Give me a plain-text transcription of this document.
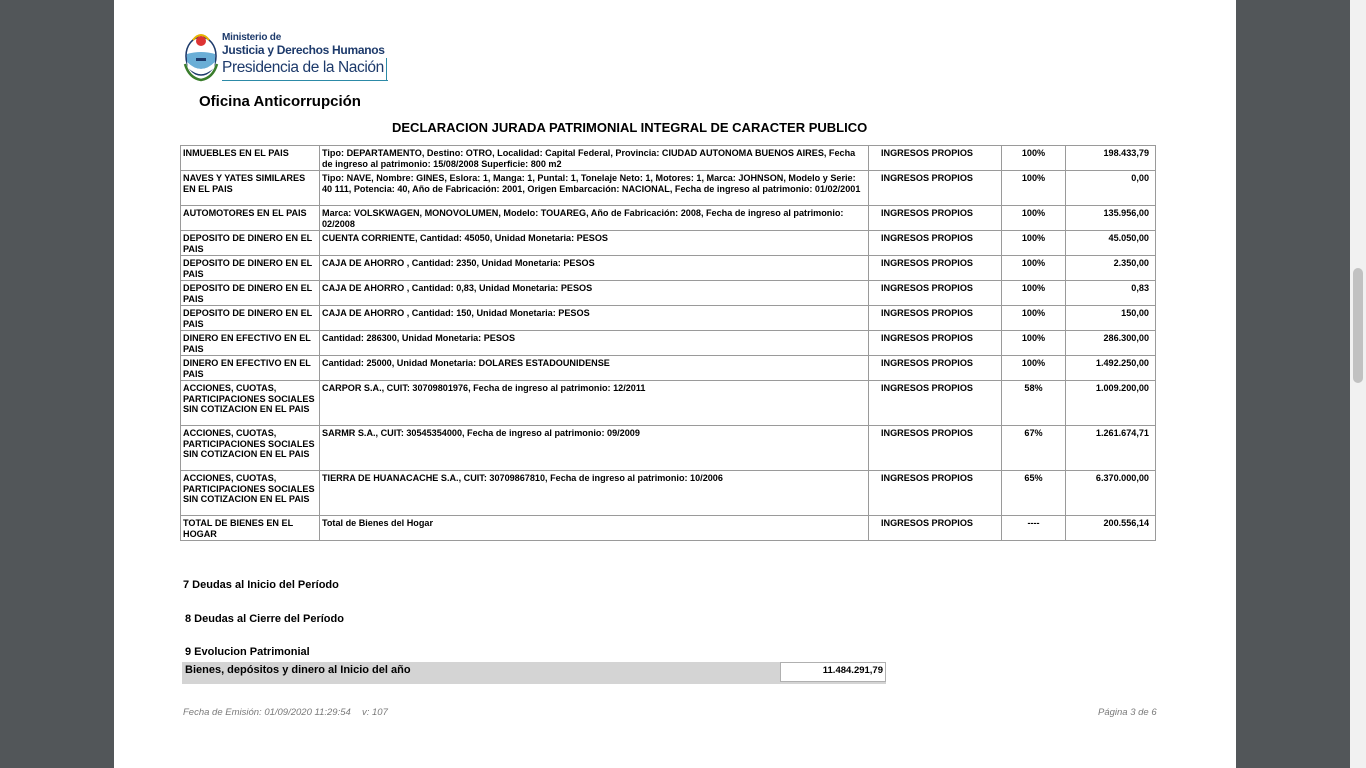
Ministerio de
Justicia y Derechos Humanos
Presidencia de la Nación
Oficina Anticorrupción
DECLARACION JURADA PATRIMONIAL INTEGRAL DE CARACTER PUBLICO
INMUEBLES EN EL PAIS	Tipo: DEPARTAMENTO, Destino: OTRO, Localidad: Capital Federal, Provincia: CIUDAD AUTONOMA BUENOS AIRES, Fecha de ingreso al patrimonio: 15/08/2008 Superficie: 800 m2	INGRESOS PROPIOS	100%	198.433,79
NAVES Y YATES SIMILARES EN EL PAIS	Tipo: NAVE, Nombre: GINES, Eslora: 1, Manga: 1, Puntal: 1, Tonelaje Neto: 1, Motores: 1, Marca: JOHNSON, Modelo y Serie: 40 111, Potencia: 40, Año de Fabricación: 2001, Origen Embarcación: NACIONAL, Fecha de ingreso al patrimonio: 01/02/2001	INGRESOS PROPIOS	100%	0,00
AUTOMOTORES EN EL PAIS	Marca: VOLSKWAGEN, MONOVOLUMEN, Modelo: TOUAREG, Año de Fabricación: 2008, Fecha de ingreso al patrimonio: 02/2008	INGRESOS PROPIOS	100%	135.956,00
DEPOSITO DE DINERO EN EL PAIS	CUENTA CORRIENTE, Cantidad: 45050, Unidad Monetaria: PESOS	INGRESOS PROPIOS	100%	45.050,00
DEPOSITO DE DINERO EN EL PAIS	CAJA DE AHORRO , Cantidad: 2350, Unidad Monetaria: PESOS	INGRESOS PROPIOS	100%	2.350,00
DEPOSITO DE DINERO EN EL PAIS	CAJA DE AHORRO , Cantidad: 0,83, Unidad Monetaria: PESOS	INGRESOS PROPIOS	100%	0,83
DEPOSITO DE DINERO EN EL PAIS	CAJA DE AHORRO , Cantidad: 150, Unidad Monetaria: PESOS	INGRESOS PROPIOS	100%	150,00
DINERO EN EFECTIVO EN EL PAIS	Cantidad: 286300, Unidad Monetaria: PESOS	INGRESOS PROPIOS	100%	286.300,00
DINERO EN EFECTIVO EN EL PAIS	Cantidad: 25000, Unidad Monetaria: DOLARES ESTADOUNIDENSE	INGRESOS PROPIOS	100%	1.492.250,00
ACCIONES, CUOTAS, PARTICIPACIONES SOCIALES SIN COTIZACION EN EL PAIS	CARPOR S.A., CUIT: 30709801976, Fecha de ingreso al patrimonio: 12/2011	INGRESOS PROPIOS	58%	1.009.200,00
ACCIONES, CUOTAS, PARTICIPACIONES SOCIALES SIN COTIZACION EN EL PAIS	SARMR S.A., CUIT: 30545354000, Fecha de ingreso al patrimonio: 09/2009	INGRESOS PROPIOS	67%	1.261.674,71
ACCIONES, CUOTAS, PARTICIPACIONES SOCIALES SIN COTIZACION EN EL PAIS	TIERRA DE HUANACACHE S.A., CUIT: 30709867810, Fecha de ingreso al patrimonio: 10/2006	INGRESOS PROPIOS	65%	6.370.000,00
TOTAL DE BIENES EN EL HOGAR	Total de Bienes del Hogar	INGRESOS PROPIOS	----	200.556,14
7 Deudas al Inicio del Período
8 Deudas al Cierre del Período
9 Evolucion Patrimonial
Bienes, depósitos y dinero al Inicio del año	11.484.291,79
Fecha de Emisión: 01/09/2020 11:29:54 v: 107	Página 3 de 6
